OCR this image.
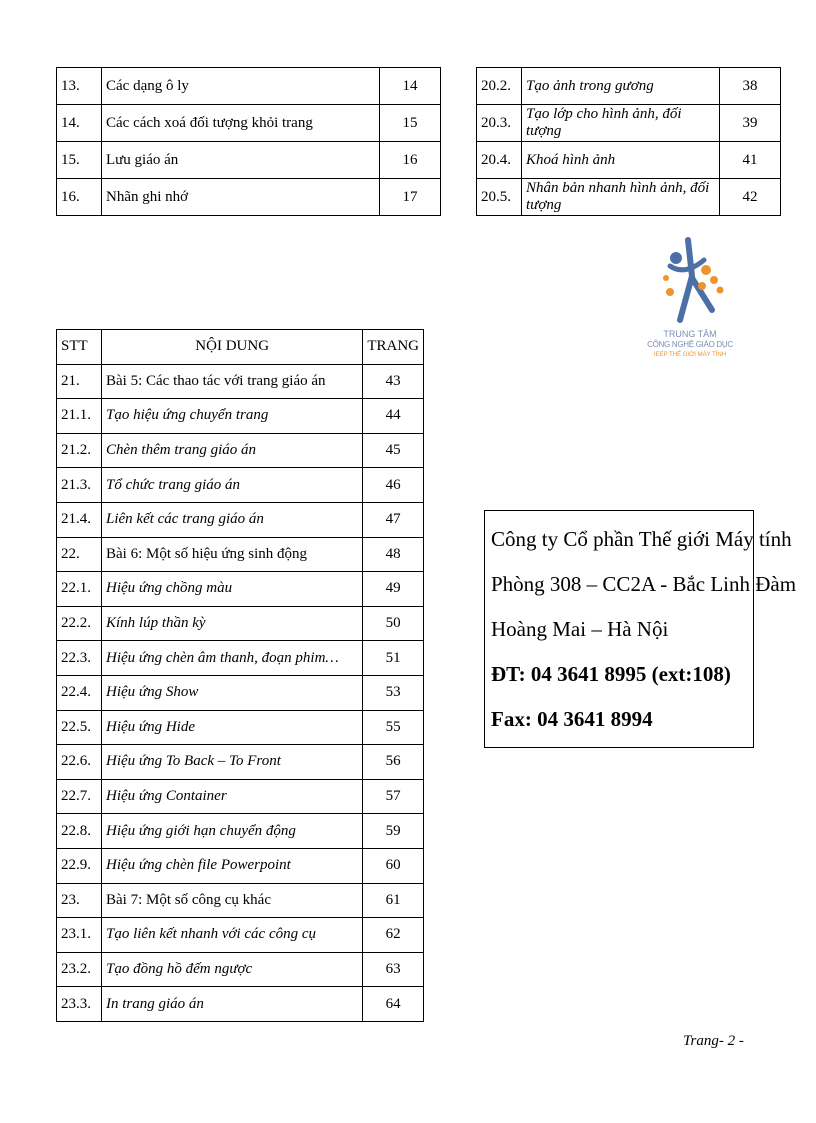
13.	Các dạng ô ly	14
14.	Các cách xoá đối tượng khỏi trang	15
15.	Lưu giáo án	16
16.	Nhãn ghi nhớ	17
20.2.	Tạo ảnh trong gương	38
20.3.	Tạo lớp cho hình ảnh, đối tượng	39
20.4.	Khoá hình ảnh	41
20.5.	Nhân bản nhanh hình ảnh, đối tượng	42
TRUNG TÂM
CÔNG NGHỆ GIÁO DỤC
IEEP THẾ GIỚI MÁY TÍNH
STT	NỘI DUNG	TRANG
21.	Bài 5: Các thao tác với trang giáo án	43
21.1.	Tạo hiệu ứng chuyển trang	44
21.2.	Chèn thêm trang giáo án	45
21.3.	Tổ chức trang giáo án	46
21.4.	Liên kết các trang giáo án	47
22.	Bài 6: Một số hiệu ứng sinh động	48
22.1.	Hiệu ứng chồng màu	49
22.2.	Kính lúp thần kỳ	50
22.3.	Hiệu ứng chèn âm thanh, đoạn phim…	51
22.4.	Hiệu ứng Show	53
22.5.	Hiệu ứng Hide	55
22.6.	Hiệu ứng To Back – To Front	56
22.7.	Hiệu ứng Container	57
22.8.	Hiệu ứng giới hạn chuyển động	59
22.9.	Hiệu ứng chèn file Powerpoint	60
23.	Bài 7: Một số công cụ khác	61
23.1.	Tạo liên kết nhanh với các công cụ	62
23.2.	Tạo đồng hồ đếm ngược	63
23.3.	In trang giáo án	64
Công ty Cổ phần Thế giới Máy tính
Phòng 308 – CC2A - Bắc Linh Đàm
Hoàng Mai – Hà Nội
ĐT: 04 3641 8995 (ext:108)
Fax: 04 3641 8994
Trang- 2 -
